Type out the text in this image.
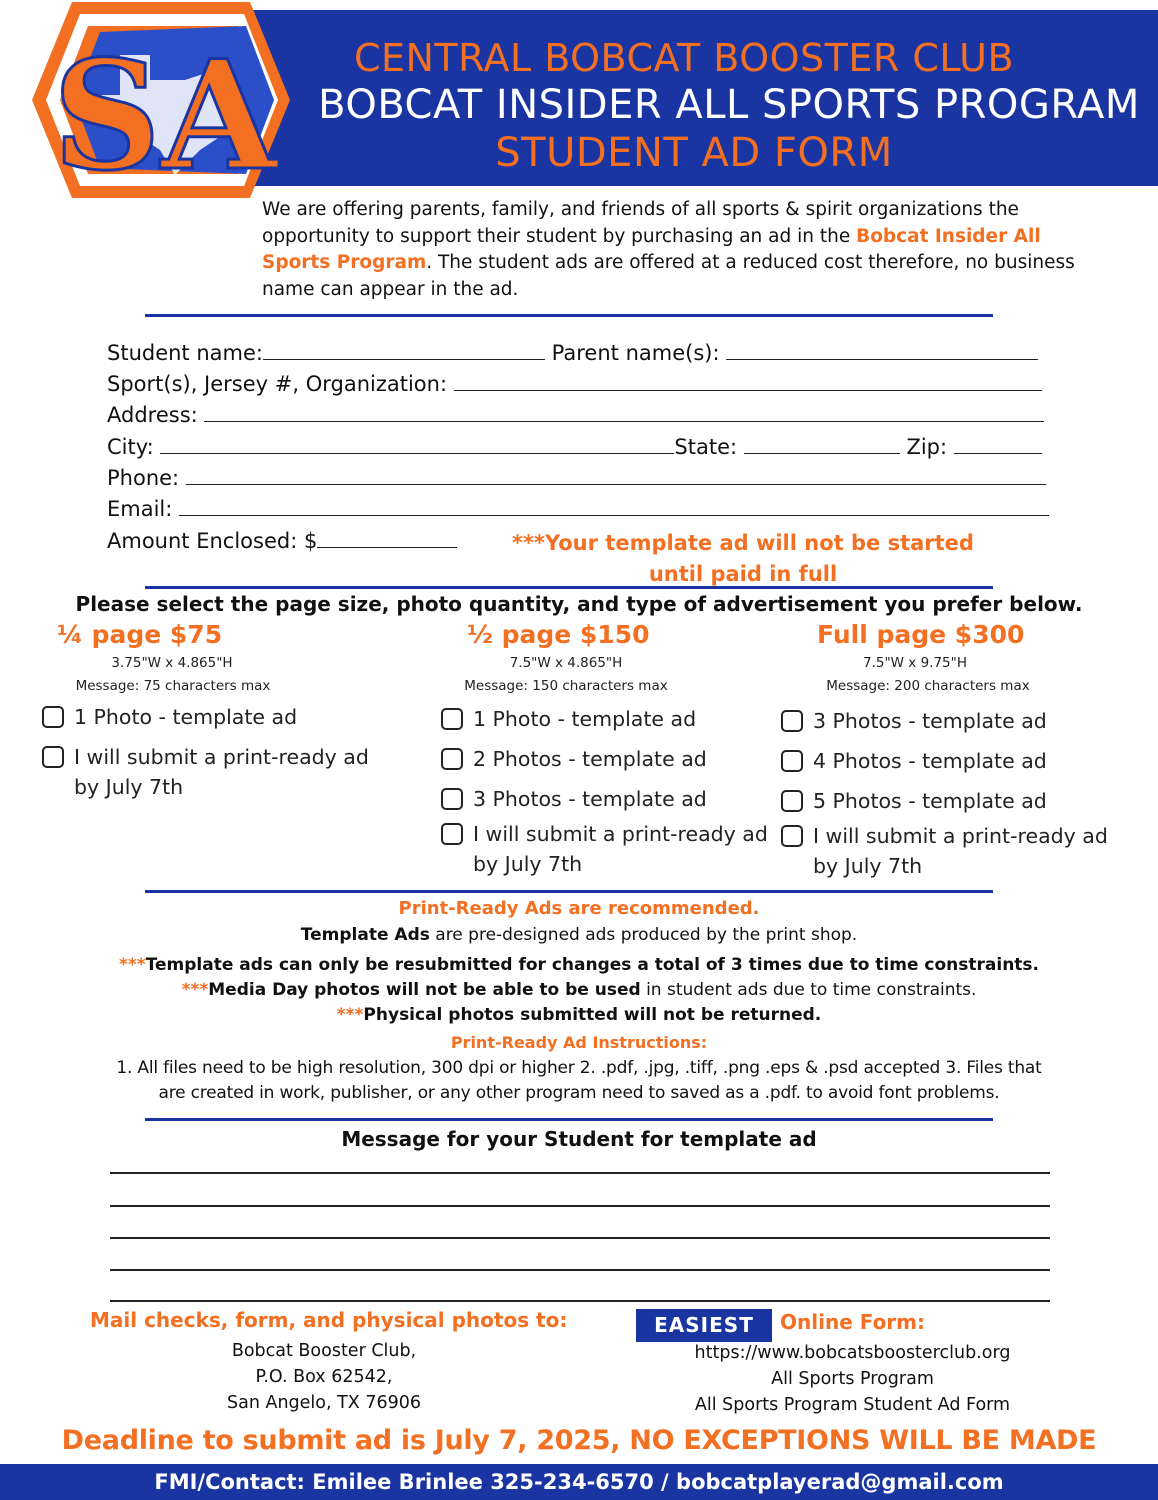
CENTRAL BOBCAT BOOSTER CLUB
BOBCAT INSIDER ALL SPORTS PROGRAM
STUDENT AD FORM
SA
We are offering parents, family, and friends of all sports & spirit organizations the opportunity to support their student by purchasing an ad in the Bobcat Insider All Sports Program. The student ads are offered at a reduced cost therefore, no business name can appear in the ad.
Student name:	Parent name(s):
Sport(s), Jersey #, Organization:
Address:
City:	State:	Zip:
Phone:
Email:
Amount Enclosed: $	***Your template ad will not be started until paid in full
Please select the page size, photo quantity, and type of advertisement you prefer below.
¼ page $75
3.75"W x 4.865"H
Message: 75 characters max
1 Photo - template ad
I will submit a print-ready ad by July 7th
½ page $150
7.5"W x 4.865"H
Message: 150 characters max
1 Photo - template ad
2 Photos - template ad
3 Photos - template ad
I will submit a print-ready ad by July 7th
Full page $300
7.5"W x 9.75"H
Message: 200 characters max
3 Photos - template ad
4 Photos - template ad
5 Photos - template ad
I will submit a print-ready ad by July 7th
Print-Ready Ads are recommended.
Template Ads are pre-designed ads produced by the print shop.
***Template ads can only be resubmitted for changes a total of 3 times due to time constraints.
***Media Day photos will not be able to be used in student ads due to time constraints.
***Physical photos submitted will not be returned.
Print-Ready Ad Instructions:
1. All files need to be high resolution, 300 dpi or higher 2. .pdf, .jpg, .tiff, .png .eps & .psd accepted 3. Files that
are created in work, publisher, or any other program need to saved as a .pdf. to avoid font problems.
Message for your Student for template ad
Mail checks, form, and physical photos to:
Bobcat Booster Club,
P.O. Box 62542,
San Angelo, TX 76906
EASIEST	Online Form:
https://www.bobcatsboosterclub.org
All Sports Program
All Sports Program Student Ad Form
Deadline to submit ad is July 7, 2025, NO EXCEPTIONS WILL BE MADE
FMI/Contact: Emilee Brinlee 325-234-6570 / bobcatplayerad@gmail.com
